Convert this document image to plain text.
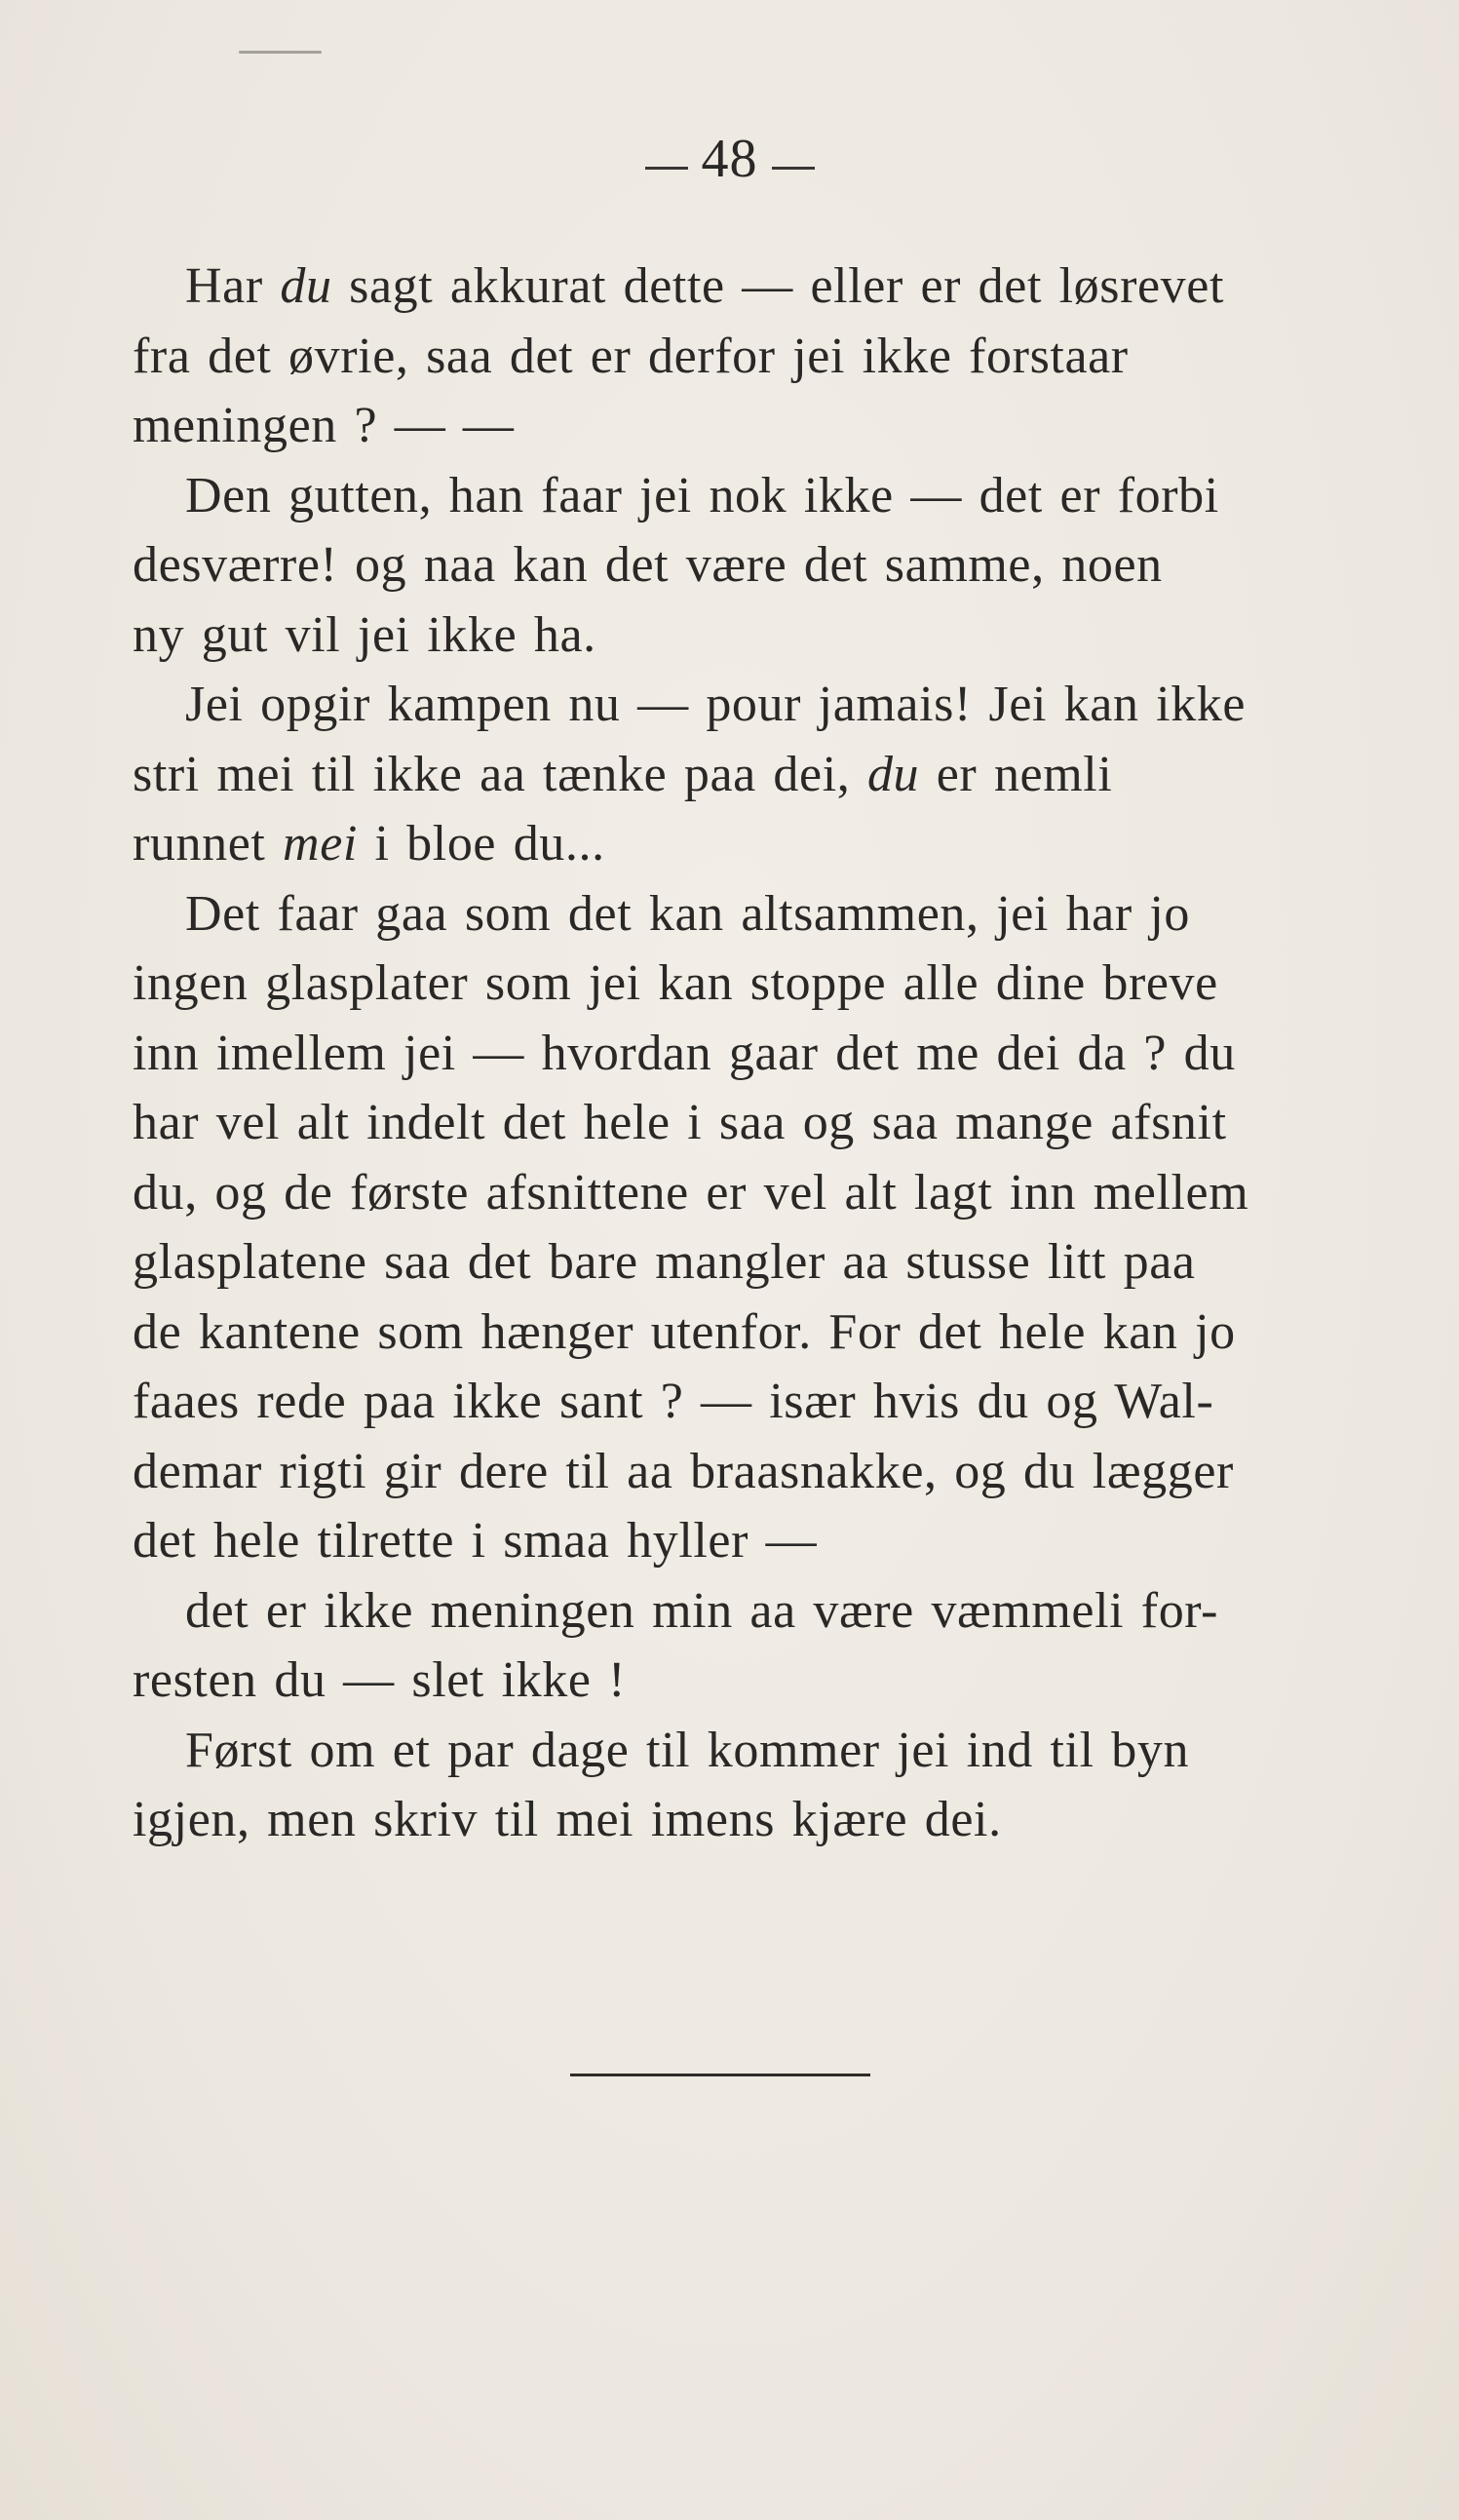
48
Har du sagt akkurat dette — eller er det løsrevet
fra det øvrie, saa det er derfor jei ikke forstaar
meningen ? — —
Den gutten, han faar jei nok ikke — det er forbi
desværre! og naa kan det være det samme, noen
ny gut vil jei ikke ha.
Jei opgir kampen nu — pour jamais! Jei kan ikke
stri mei til ikke aa tænke paa dei, du er nemli
runnet mei i bloe du...
Det faar gaa som det kan altsammen, jei har jo
ingen glasplater som jei kan stoppe alle dine breve
inn imellem jei — hvordan gaar det me dei da ? du
har vel alt indelt det hele i saa og saa mange afsnit
du, og de første afsnittene er vel alt lagt inn mellem
glasplatene saa det bare mangler aa stusse litt paa
de kantene som hænger utenfor. For det hele kan jo
faaes rede paa ikke sant ? — især hvis du og Wal-
demar rigti gir dere til aa braasnakke, og du lægger
det hele tilrette i smaa hyller —
det er ikke meningen min aa være væmmeli for-
resten du — slet ikke !
Først om et par dage til kommer jei ind til byn
igjen, men skriv til mei imens kjære dei.
